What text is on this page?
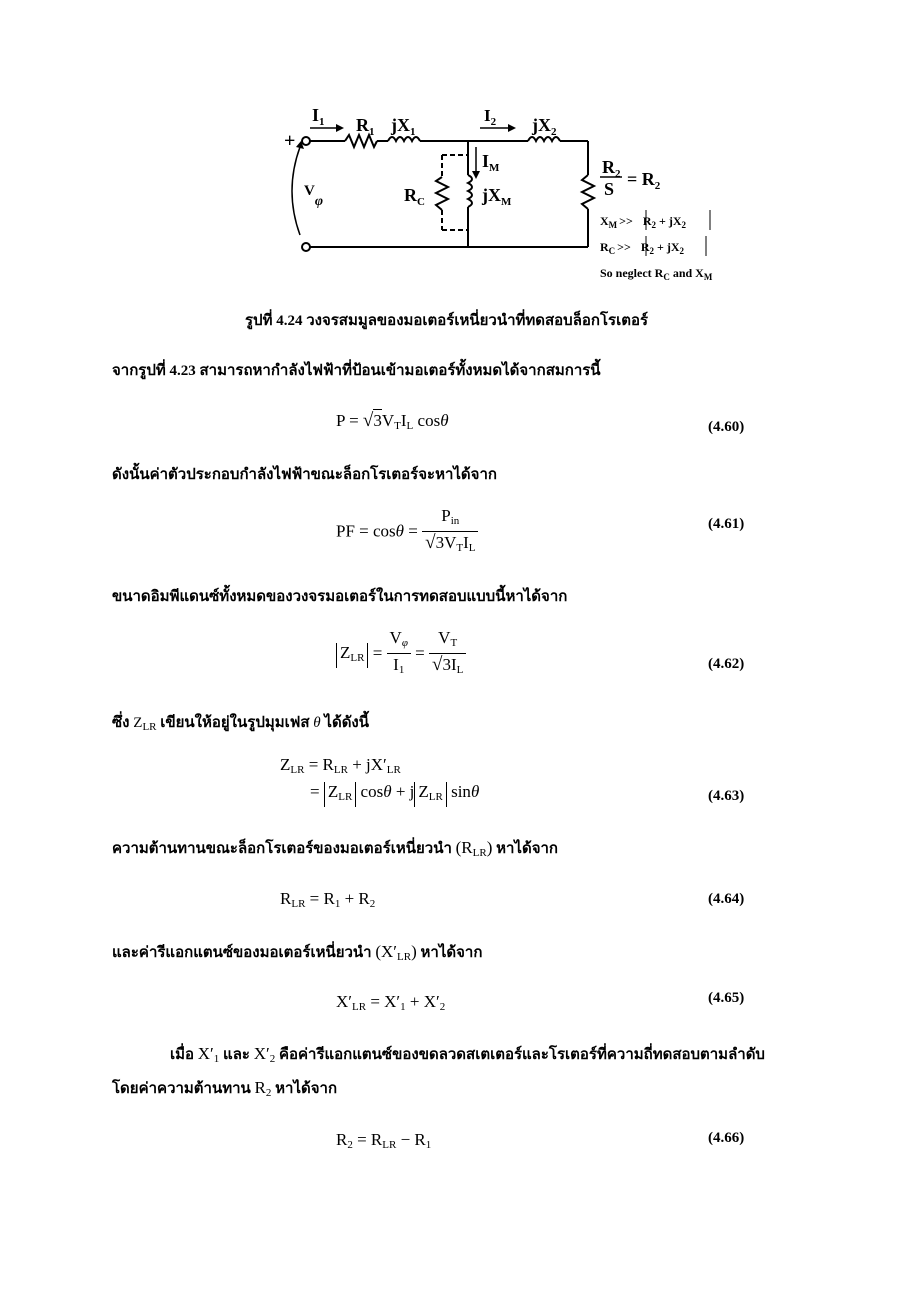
+
$I_1$ $R_1$ $jX_1$
$I_2$ $jX_2$
$I_M$
$R_C$	$jX_M$
Vφ
$R_2$
$S = R_2$
$X_M >> R_2 + jX_2$
$R_C >> R_2 + jX_2$
So neglect $R_C$ and $X_M$
รูปที่ 4.24 วงจรสมมูลของมอเตอร์เหนี่ยวนำที่ทดสอบล็อกโรเตอร์
จากรูปที่ 4.23 สามารถหากำลังไฟฟ้าที่ป้อนเข้ามอเตอร์ทั้งหมดได้จากสมการนี้
$P = √3V_TI_L$ cosθ	(4.60)
ดังนั้นค่าตัวประกอบกำลังไฟฟ้าขณะล็อกโรเตอร์จะหาได้จาก
PF = $\cos\theta = \frac{P_{in}}{√3V_TI_L}$	(4.61)
ขนาดอิมพีแดนซ์ทั้งหมดของวงจรมอเตอร์ในการทดสอบแบบนี้หาได้จาก
$Z_{LR} = \frac{V_\varphi}{I_1} = \frac{V_T}{√3I_L}$	(4.62)
ซึ่ง $Z_{LR}$ เขียนให้อยู่ในรูปมุมเฟส θ ได้ดังนี้
$Z_{LR} = R_{LR} + jX'_{LR}$
= $Z_{LR}$ cosθ + j $Z_{LR}$ sinθ	(4.63)
ความต้านทานขณะล็อกโรเตอร์ของมอเตอร์เหนี่ยวนำ $(R_{LR})$ หาได้จาก
$R_{LR} = R_1 + R_2$	(4.64)
และค่ารีแอกแตนซ์ของมอเตอร์เหนี่ยวนำ $(X'_{LR})$ หาได้จาก
$X'_{LR} = X'_1 + X'_2$
(4.65)
เมื่อ $X'_1$ และ $X'_2$ คือค่ารีแอกแตนซ์ของขดลวดสเตเตอร์และโรเตอร์ที่ความถี่ทดสอบตามลำดับ
โดยค่าความต้านทาน $R_2$ หาได้จาก
$R_2 = R_{LR} - R_1$	(4.66)
